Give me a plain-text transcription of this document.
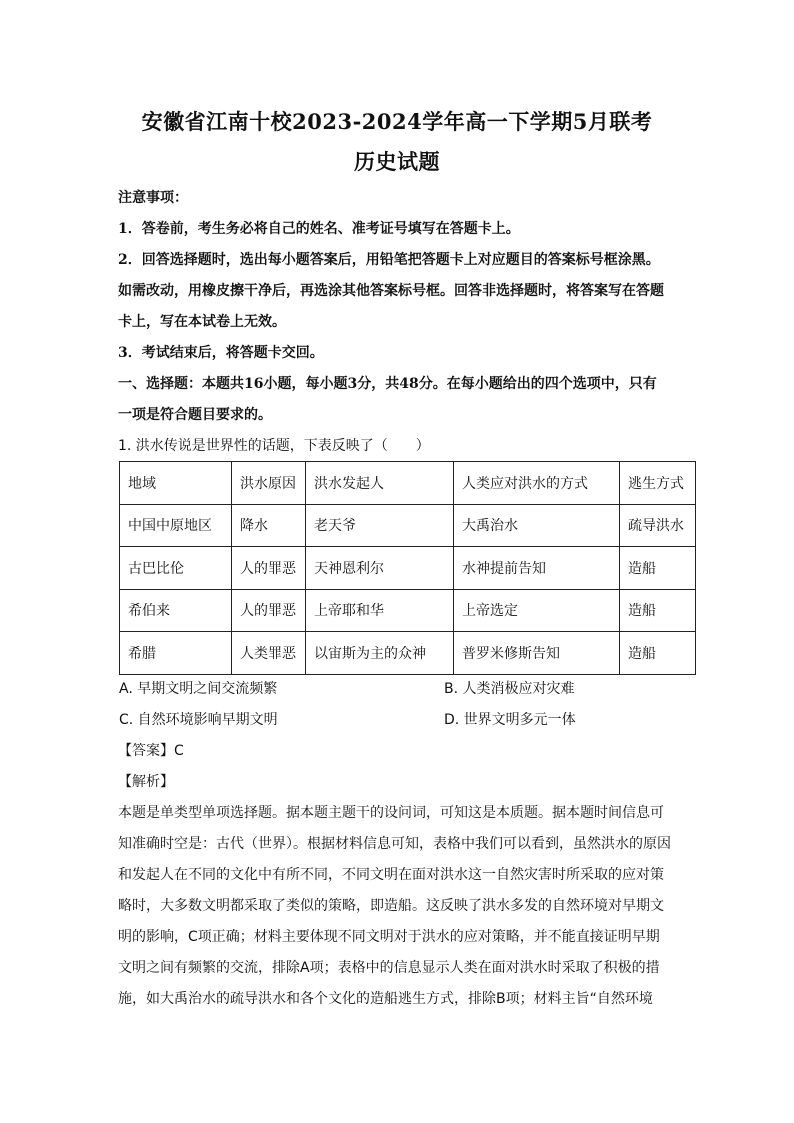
安徽省江南十校2023-2024学年高一下学期5月联考
历史试题
注意事项：
1．答卷前，考生务必将自己的姓名、准考证号填写在答题卡上。
2．回答选择题时，选出每小题答案后，用铅笔把答题卡上对应题目的答案标号框涂黑。
如需改动，用橡皮擦干净后，再选涂其他答案标号框。回答非选择题时，将答案写在答题
卡上，写在本试卷上无效。
3．考试结束后，将答题卡交回。
一、选择题：本题共16小题，每小题3分，共48分。在每小题给出的四个选项中，只有
一项是符合题目要求的。
1. 洪水传说是世界性的话题，下表反映了（　　）
地域	洪水原因	洪水发起人	人类应对洪水的方式	逃生方式
中国中原地区	降水	老天爷	大禹治水	疏导洪水
古巴比伦	人的罪恶	天神恩利尔	水神提前告知	造船
希伯来	人的罪恶	上帝耶和华	上帝选定	造船
希腊	人类罪恶	以宙斯为主的众神	普罗米修斯告知	造船
A. 早期文明之间交流频繁	B. 人类消极应对灾难
C. 自然环境影响早期文明	D. 世界文明多元一体
【答案】C
【解析】
本题是单类型单项选择题。据本题主题干的设问词，可知这是本质题。据本题时间信息可
知准确时空是：古代（世界）。根据材料信息可知，表格中我们可以看到，虽然洪水的原因
和发起人在不同的文化中有所不同，不同文明在面对洪水这一自然灾害时所采取的应对策
略时，大多数文明都采取了类似的策略，即造船。这反映了洪水多发的自然环境对早期文
明的影响，C项正确；材料主要体现不同文明对于洪水的应对策略，并不能直接证明早期
文明之间有频繁的交流，排除A项；表格中的信息显示人类在面对洪水时采取了积极的措
施，如大禹治水的疏导洪水和各个文化的造船逃生方式，排除B项；材料主旨“自然环境
